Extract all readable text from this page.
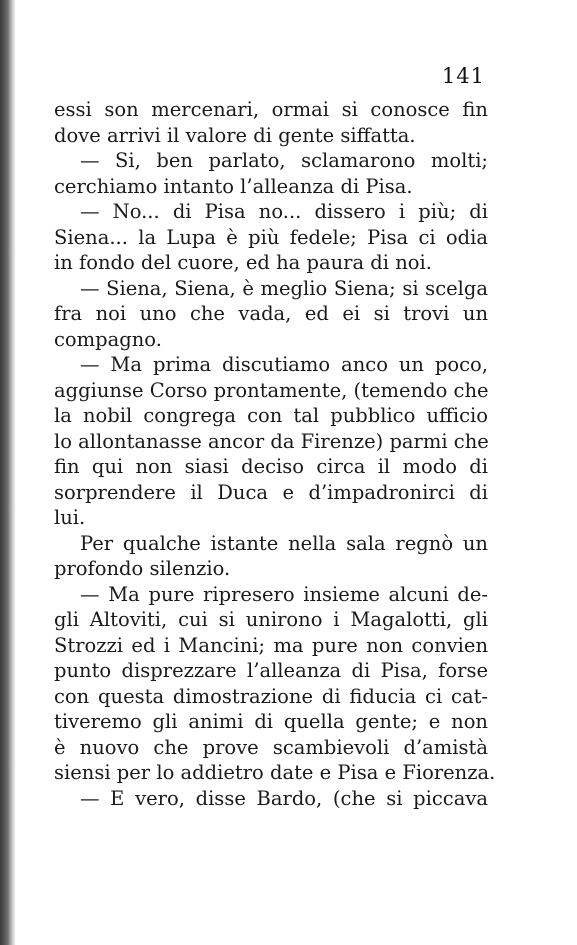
141
essi son mercenari, ormai si conosce fin
dove arrivi il valore di gente siffatta.
— Si, ben parlato, sclamarono molti;
cerchiamo intanto l’alleanza di Pisa.
— No... di Pisa no... dissero i più; di
Siena... la Lupa è più fedele; Pisa ci odia
in fondo del cuore, ed ha paura di noi.
— Siena, Siena, è meglio Siena; si scelga
fra noi uno che vada, ed ei si trovi un
compagno.
— Ma prima discutiamo anco un poco,
aggiunse Corso prontamente, (temendo che
la nobil congrega con tal pubblico ufficio
lo allontanasse ancor da Firenze) parmi che
fin qui non siasi deciso circa il modo di
sorprendere il Duca e d’impadronirci di
lui.
Per qualche istante nella sala regnò un
profondo silenzio.
— Ma pure ripresero insieme alcuni de-
gli Altoviti, cui si unirono i Magalotti, gli
Strozzi ed i Mancini; ma pure non convien
punto disprezzare l’alleanza di Pisa, forse
con questa dimostrazione di fiducia ci cat-
tiveremo gli animi di quella gente; e non
è nuovo che prove scambievoli d’amistà
siensi per lo addietro date e Pisa e Fiorenza.
— E vero, disse Bardo, (che si piccava
